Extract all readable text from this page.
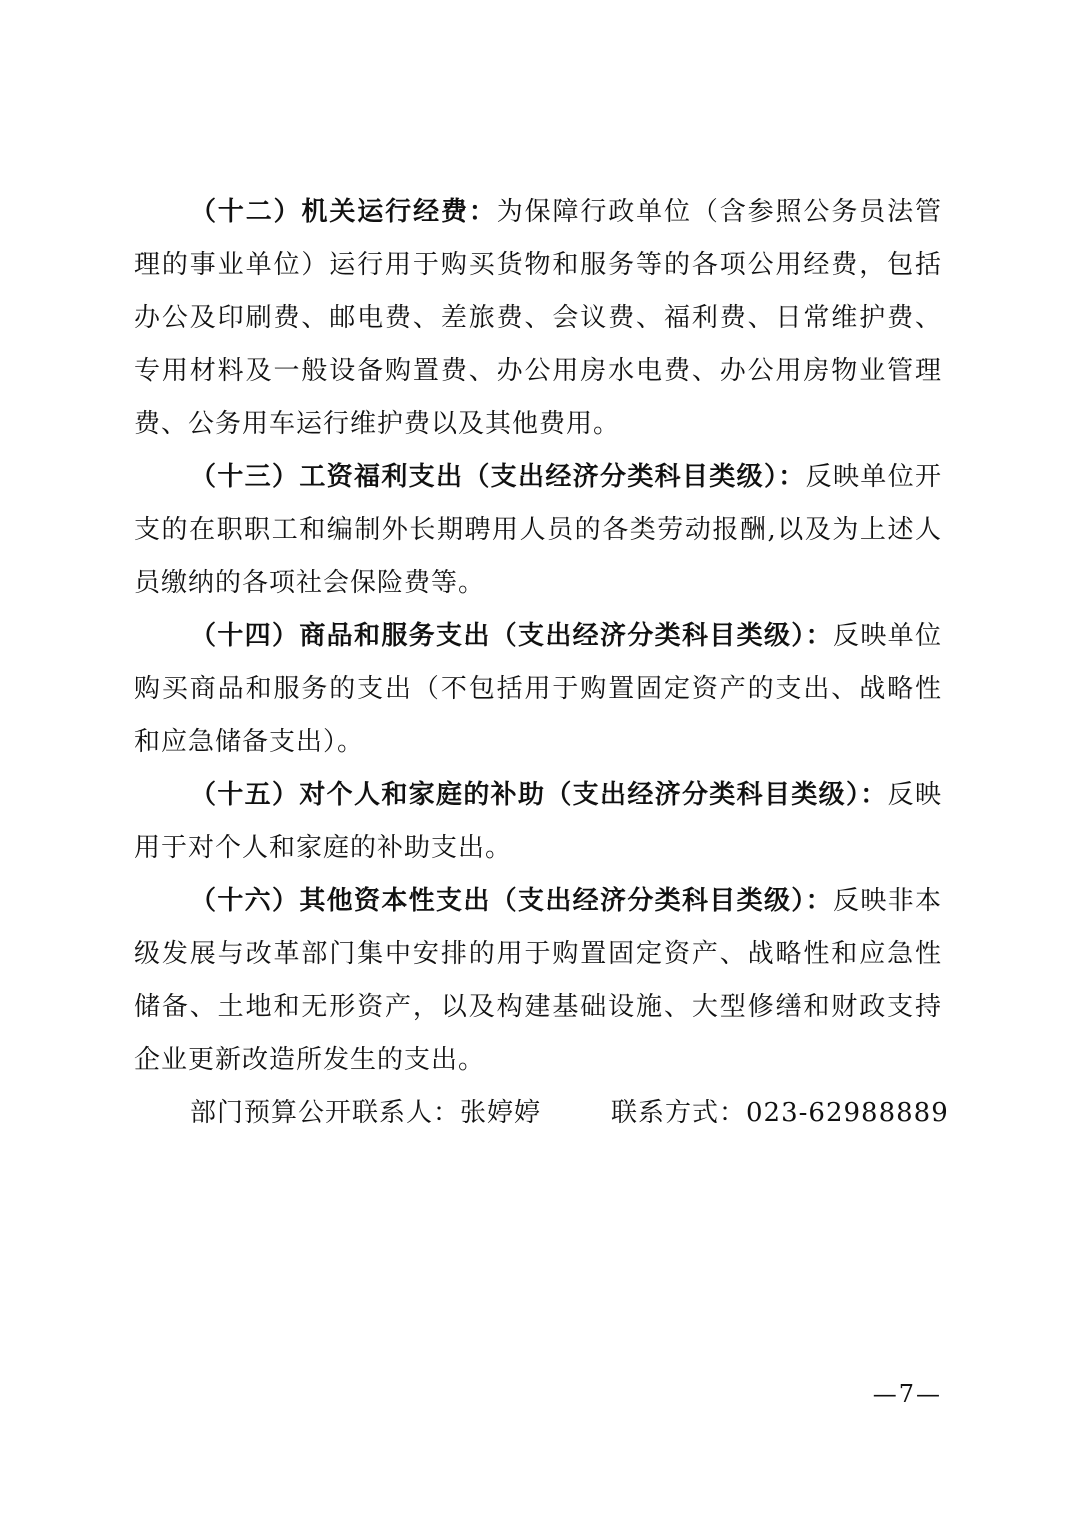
（十二）机关运行经费：为保障行政单位（含参照公务员法管理的事业单位）运行用于购买货物和服务等的各项公用经费，包括办公及印刷费、邮电费、差旅费、会议费、福利费、日常维护费、专用材料及一般设备购置费、办公用房水电费、办公用房物业管理费、公务用车运行维护费以及其他费用。

（十三）工资福利支出（支出经济分类科目类级）：反映单位开支的在职职工和编制外长期聘用人员的各类劳动报酬,以及为上述人员缴纳的各项社会保险费等。

（十四）商品和服务支出（支出经济分类科目类级）：反映单位购买商品和服务的支出（不包括用于购置固定资产的支出、战略性和应急储备支出）。

（十五）对个人和家庭的补助（支出经济分类科目类级）：反映用于对个人和家庭的补助支出。

（十六）其他资本性支出（支出经济分类科目类级）：反映非本级发展与改革部门集中安排的用于购置固定资产、战略性和应急性储备、土地和无形资产，以及构建基础设施、大型修缮和财政支持企业更新改造所发生的支出。

部门预算公开联系人：张婷婷	联系方式：023-62988889

—7—
